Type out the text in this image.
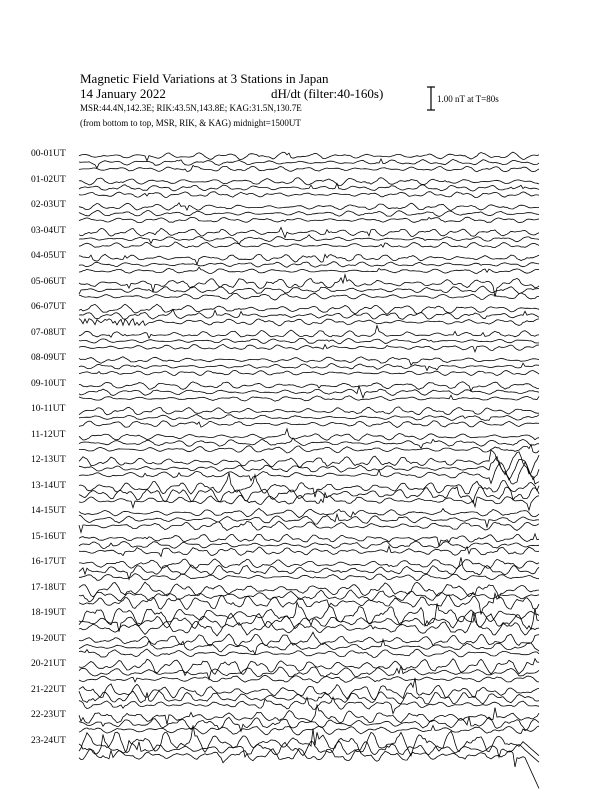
Magnetic Field Variations at 3 Stations in Japan
14 January 2022	dH/dt (filter:40-160s)
MSR:44.4N,142.3E; RIK:43.5N,143.8E; KAG:31.5N,130.7E
(from bottom to top, MSR, RIK, & KAG) midnight=1500UT
1.00 nT at T=80s
00-01UT
01-02UT
02-03UT
03-04UT
04-05UT
05-06UT
06-07UT
07-08UT
08-09UT
09-10UT
10-11UT
11-12UT
12-13UT
13-14UT
14-15UT
15-16UT
16-17UT
17-18UT
18-19UT
19-20UT
20-21UT
21-22UT
22-23UT
23-24UT
